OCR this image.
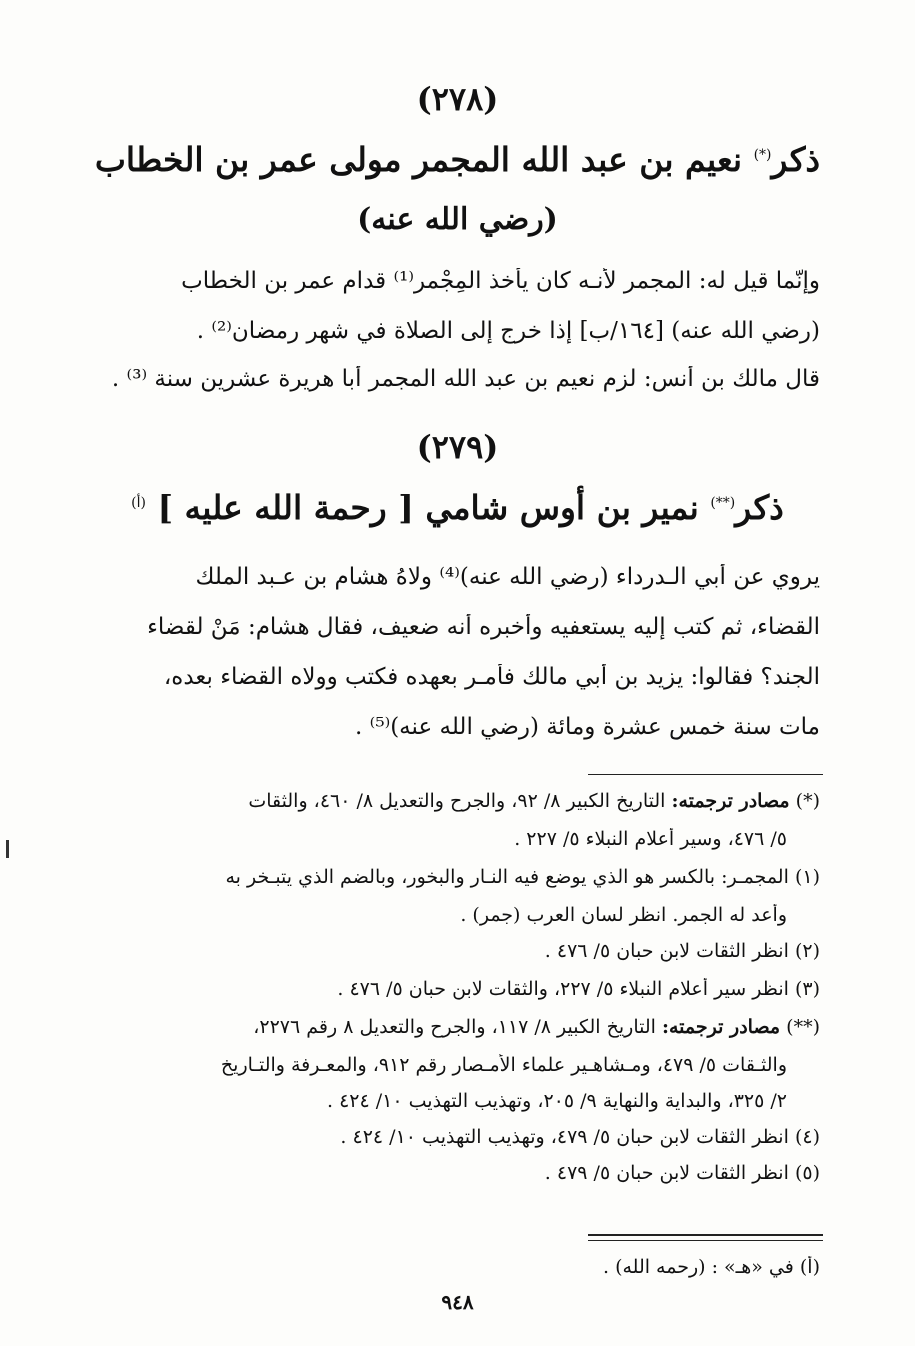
(٢٧٨)
ذكر(*) نعيم بن عبد الله المجمر مولى عمر بن الخطاب
(رضي الله عنه)
وإنّما قيل له: المجمر لأنـه كان يأخذ المِجْمر⁽¹⁾ قدام عمر بن الخطاب
(رضي الله عنه) [١٦٤/ب] إذا خرج إلى الصلاة في شهر رمضان⁽²⁾ .
قال مالك بن أنس: لزم نعيم بن عبد الله المجمر أبا هريرة عشرين سنة ⁽³⁾ .
(٢٧٩)
ذكر(**) نمير بن أوس شامي [ رحمة الله عليه ] $^{(أ)}$
يروي عن أبي الـدرداء (رضي الله عنه)⁽⁴⁾ ولاهُ هشام بن عـبد الملك
القضاء، ثم كتب إليه يستعفيه وأخبره أنه ضعيف، فقال هشام: مَنْ لقضاء
الجند؟ فقالوا: يزيد بن أبي مالك فأمـر بعهده فكتب وولاه القضاء بعده،
مات سنة خمس عشرة ومائة (رضي الله عنه)⁽⁵⁾ .
(*) مصادر ترجمته: التاريخ الكبير ٨/ ٩٢، والجرح والتعديل ٨/ ٤٦٠، والثقات
٥/ ٤٧٦، وسير أعلام النبلاء ٥/ ٢٢٧ .
(١) المجمـر: بالكسر هو الذي يوضع فيه النـار والبخور، وبالضم الذي يتبـخر به
وأعد له الجمر. انظر لسان العرب (جمر) .
(٢) انظر الثقات لابن حبان ٥/ ٤٧٦ .
(٣) انظر سير أعلام النبلاء ٥/ ٢٢٧، والثقات لابن حبان ٥/ ٤٧٦ .
(**) مصادر ترجمته: التاريخ الكبير ٨/ ١١٧، والجرح والتعديل ٨ رقم ٢٢٧٦،
والثـقات ٥/ ٤٧٩، ومـشاهـير علماء الأمـصار رقم ٩١٢، والمعـرفة والتـاريخ
٢/ ٣٢٥، والبداية والنهاية ٩/ ٢٠٥، وتهذيب التهذيب ١٠/ ٤٢٤ .
(٤) انظر الثقات لابن حبان ٥/ ٤٧٩، وتهذيب التهذيب ١٠/ ٤٢٤ .
(٥) انظر الثقات لابن حبان ٥/ ٤٧٩ .
(أ) في «هـ» : (رحمه الله) .
٩٤٨
